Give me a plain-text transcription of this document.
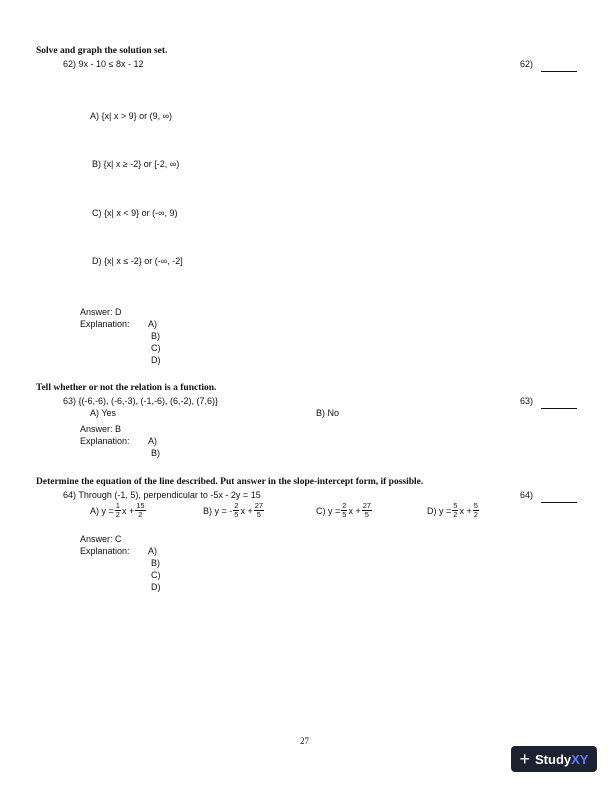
Solve and graph the solution set.
62) 9x - 10 ≤ 8x - 12	62)
A) {x| x > 9} or (9, ∞)
B) {x| x ≥ -2} or [-2, ∞)
C) {x| x < 9} or (-∞, 9)
D) {x| x ≤ -2} or (-∞, -2]
Answer: D
Explanation: A)
B)
C)
D)
Tell whether or not the relation is a function.
63) {(-6,-6), (-6,-3), (-1,-6), (6,-2), (7,6)}	63)
A) Yes	B) No
Answer: B
Explanation: A)
B)
Determine the equation of the line described. Put answer in the slope-intercept form, if possible.
64) Through (-1, 5), perpendicular to -5x - 2y = 15	64)
A) $y = \frac{1}{2}$ $x + \frac{15}{2}$	B) y = - $\frac{2}{5}$ $x + \frac{27}{5}$	C) $y = \frac{2}{5}$ $x + \frac{27}{5}$	D) $y = \frac{5}{2}$ $x + \frac{5}{2}$
Answer: C
Explanation: A)
B)
C)
D)
27
+ Study XY
